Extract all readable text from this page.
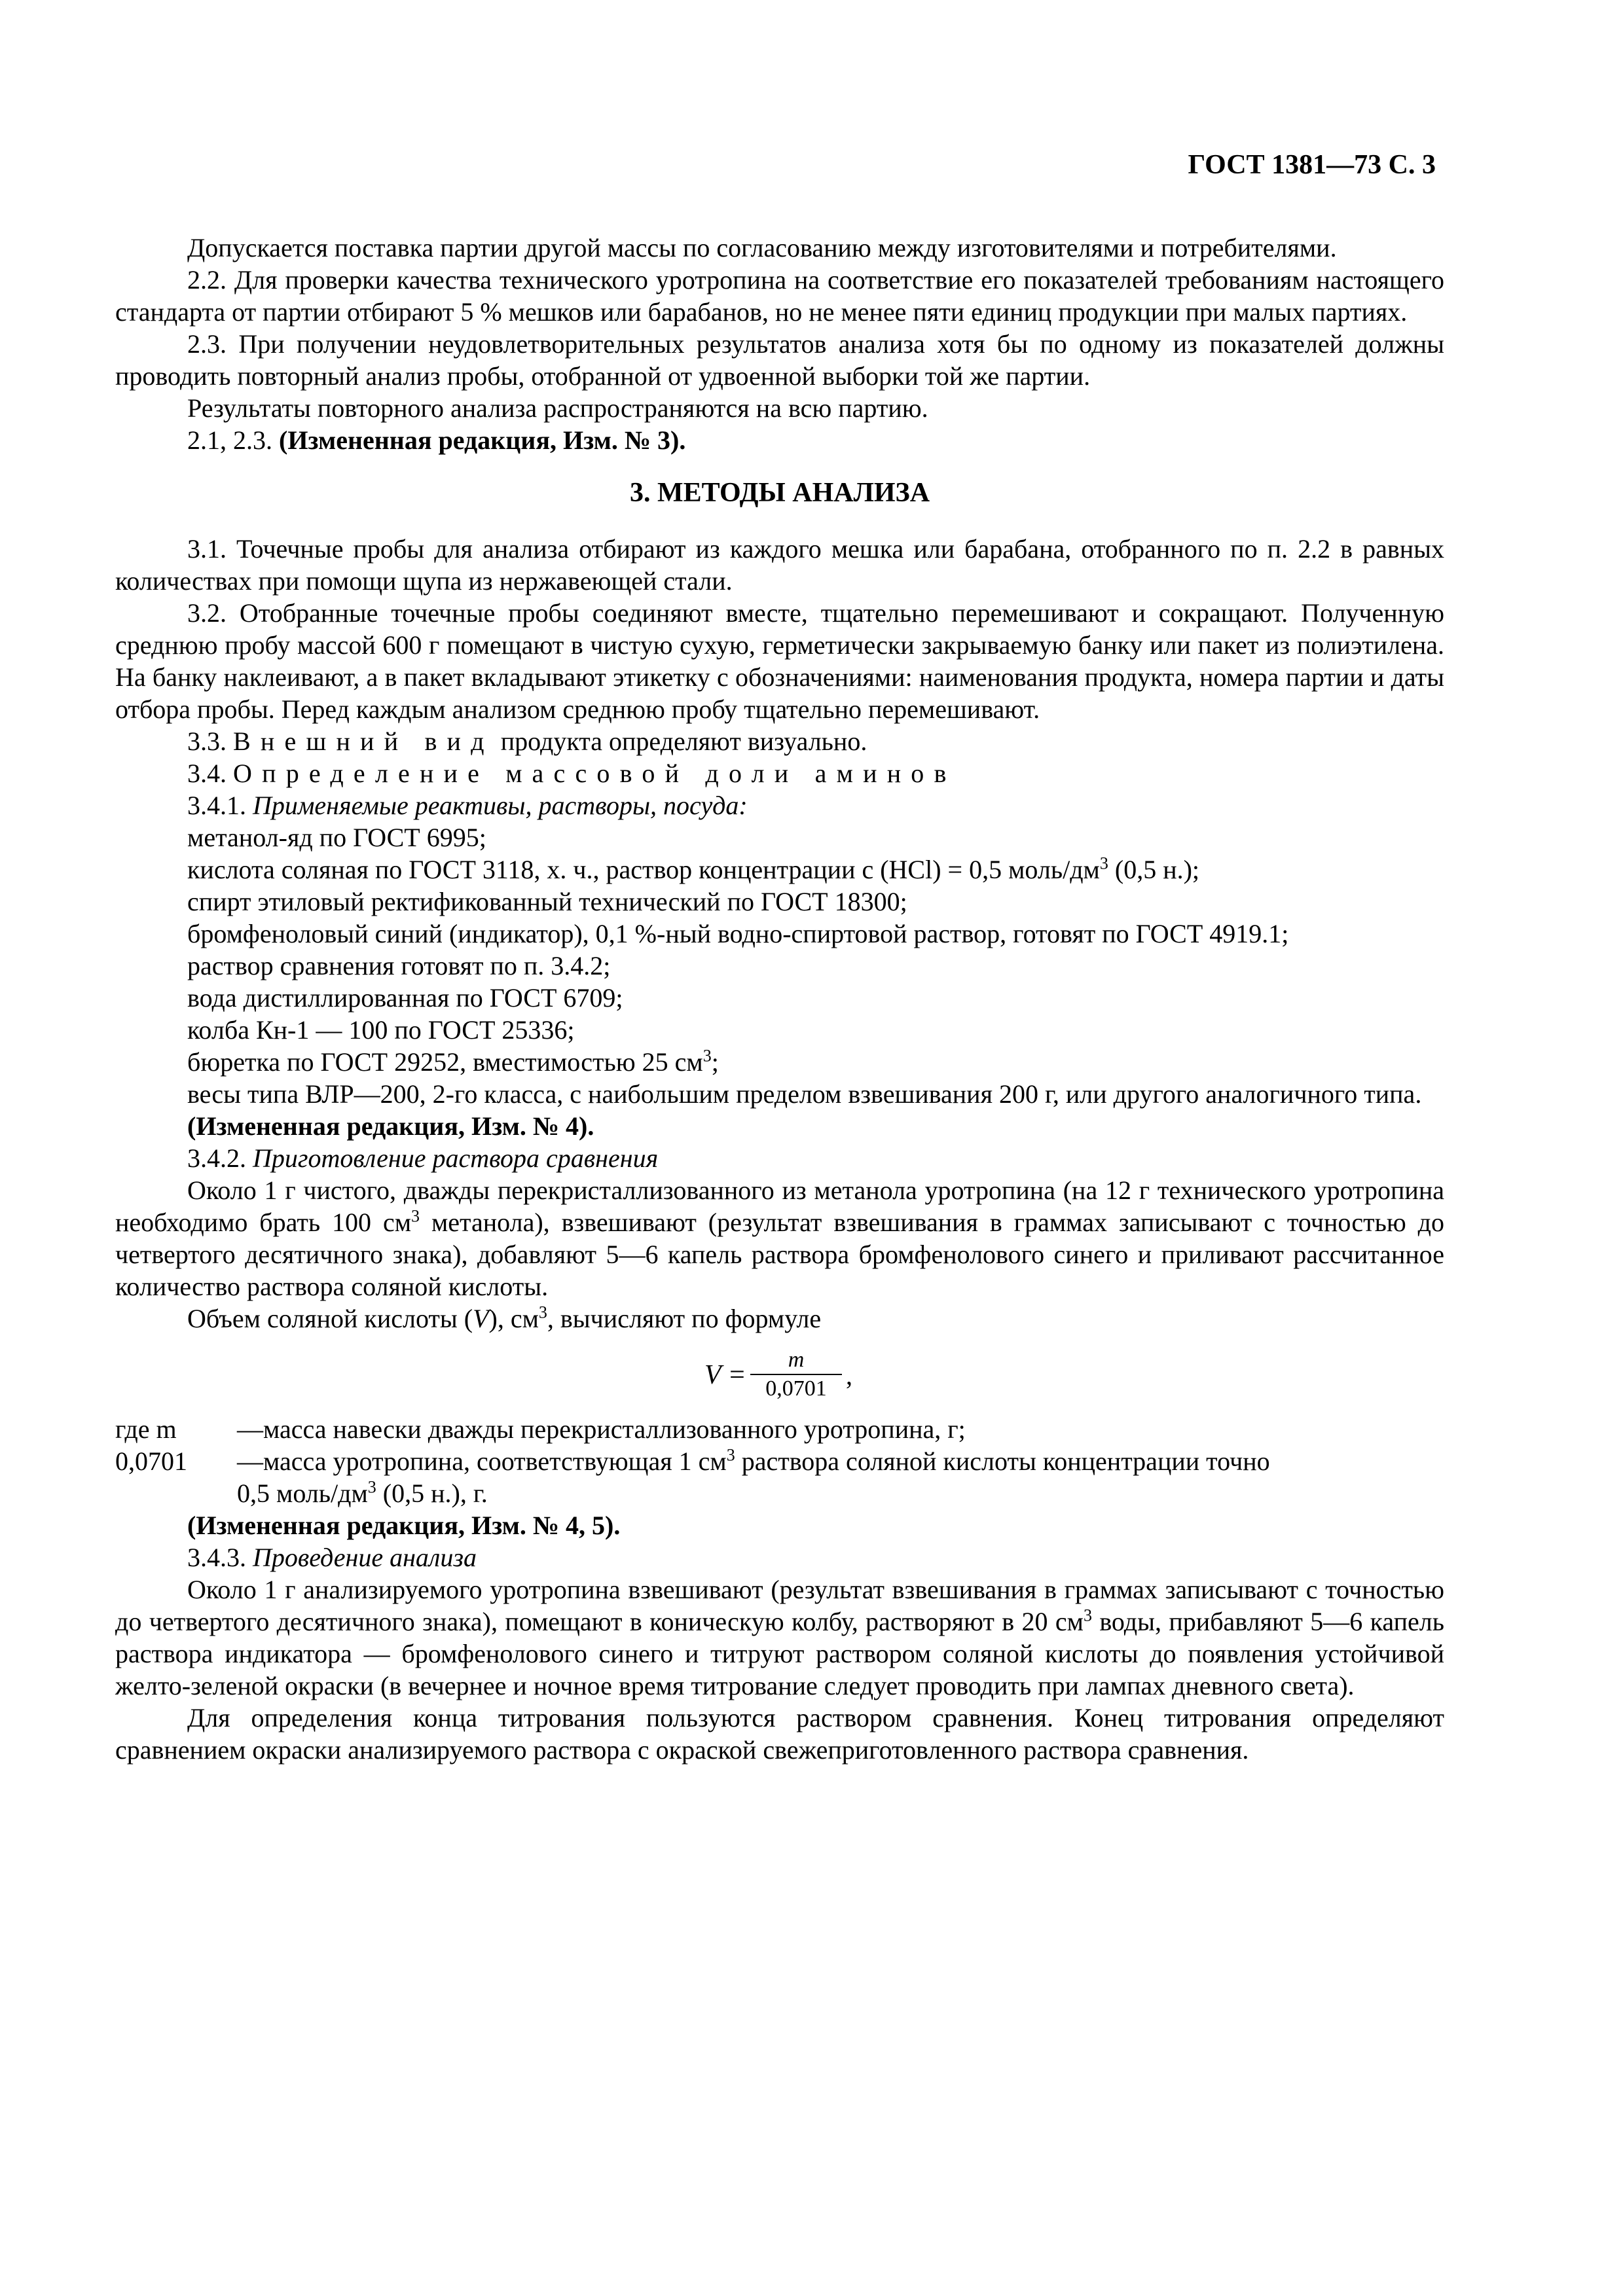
ГОСТ 1381—73 С. 3

Допускается поставка партии другой массы по согласованию между изготовителями и потребителями.

2.2. Для проверки качества технического уротропина на соответствие его показателей требованиям настоящего стандарта от партии отбирают 5 % мешков или барабанов, но не менее пяти единиц продукции при малых партиях.

2.3. При получении неудовлетворительных результатов анализа хотя бы по одному из показателей должны проводить повторный анализ пробы, отобранной от удвоенной выборки той же партии.

Результаты повторного анализа распространяются на всю партию.

2.1, 2.3. (Измененная редакция, Изм. № 3).

3. МЕТОДЫ АНАЛИЗА

3.1. Точечные пробы для анализа отбирают из каждого мешка или барабана, отобранного по п. 2.2 в равных количествах при помощи щупа из нержавеющей стали.

3.2. Отобранные точечные пробы соединяют вместе, тщательно перемешивают и сокращают. Полученную среднюю пробу массой 600 г помещают в чистую сухую, герметически закрываемую банку или пакет из полиэтилена. На банку наклеивают, а в пакет вкладывают этикетку с обозначениями: наименования продукта, номера партии и даты отбора пробы. Перед каждым анализом среднюю пробу тщательно перемешивают.

3.3. Внешний вид продукта определяют визуально.

3.4. Определение массовой доли аминов

3.4.1. Применяемые реактивы, растворы, посуда:

метанол-яд по ГОСТ 6995;

кислота соляная по ГОСТ 3118, х. ч., раствор концентрации с (HCl) = 0,5 моль/$дм^3$ (0,5 н.);

спирт этиловый ректификованный технический по ГОСТ 18300;

бромфеноловый синий (индикатор), 0,1 %-ный водно-спиртовой раствор, готовят по ГОСТ 4919.1;

раствор сравнения готовят по п. 3.4.2;

вода дистиллированная по ГОСТ 6709;

колба Кн-1 — 100 по ГОСТ 25336;

бюретка по ГОСТ 29252, вместимостью 25 $см^3$;

весы типа ВЛР—200, 2-го класса, с наибольшим пределом взвешивания 200 г, или другого аналогичного типа.

(Измененная редакция, Изм. № 4).

3.4.2. Приготовление раствора сравнения

Около 1 г чистого, дважды перекристаллизованного из метанола уротропина (на 12 г технического уротропина необходимо брать 100 $см^3$ метанола), взвешивают (результат взвешивания в граммах записывают с точностью до четвертого десятичного знака), добавляют 5—6 капель раствора бромфенолового синего и приливают рассчитанное количество раствора соляной кислоты.

Объем соляной кислоты (V), $см^3$, вычисляют по формуле

$V = \frac{m}{0,0701}$ ,
где m	—масса навески дважды перекристаллизованного уротропина, г;
0,0701	—масса уротропина, соответствующая 1 $см^3$ раствора соляной кислоты концентрации точно

0,5 моль/$дм^3$ (0,5 н.), г.

(Измененная редакция, Изм. № 4, 5).

3.4.3. Проведение анализа

Около 1 г анализируемого уротропина взвешивают (результат взвешивания в граммах записывают с точностью до четвертого десятичного знака), помещают в коническую колбу, растворяют в 20 $см^3$ воды, прибавляют 5—6 капель раствора индикатора — бромфенолового синего и титруют раствором соляной кислоты до появления устойчивой желто-зеленой окраски (в вечернее и ночное время титрование следует проводить при лампах дневного света).

Для определения конца титрования пользуются раствором сравнения. Конец титрования определяют сравнением окраски анализируемого раствора с окраской свежеприготовленного раствора сравнения.
